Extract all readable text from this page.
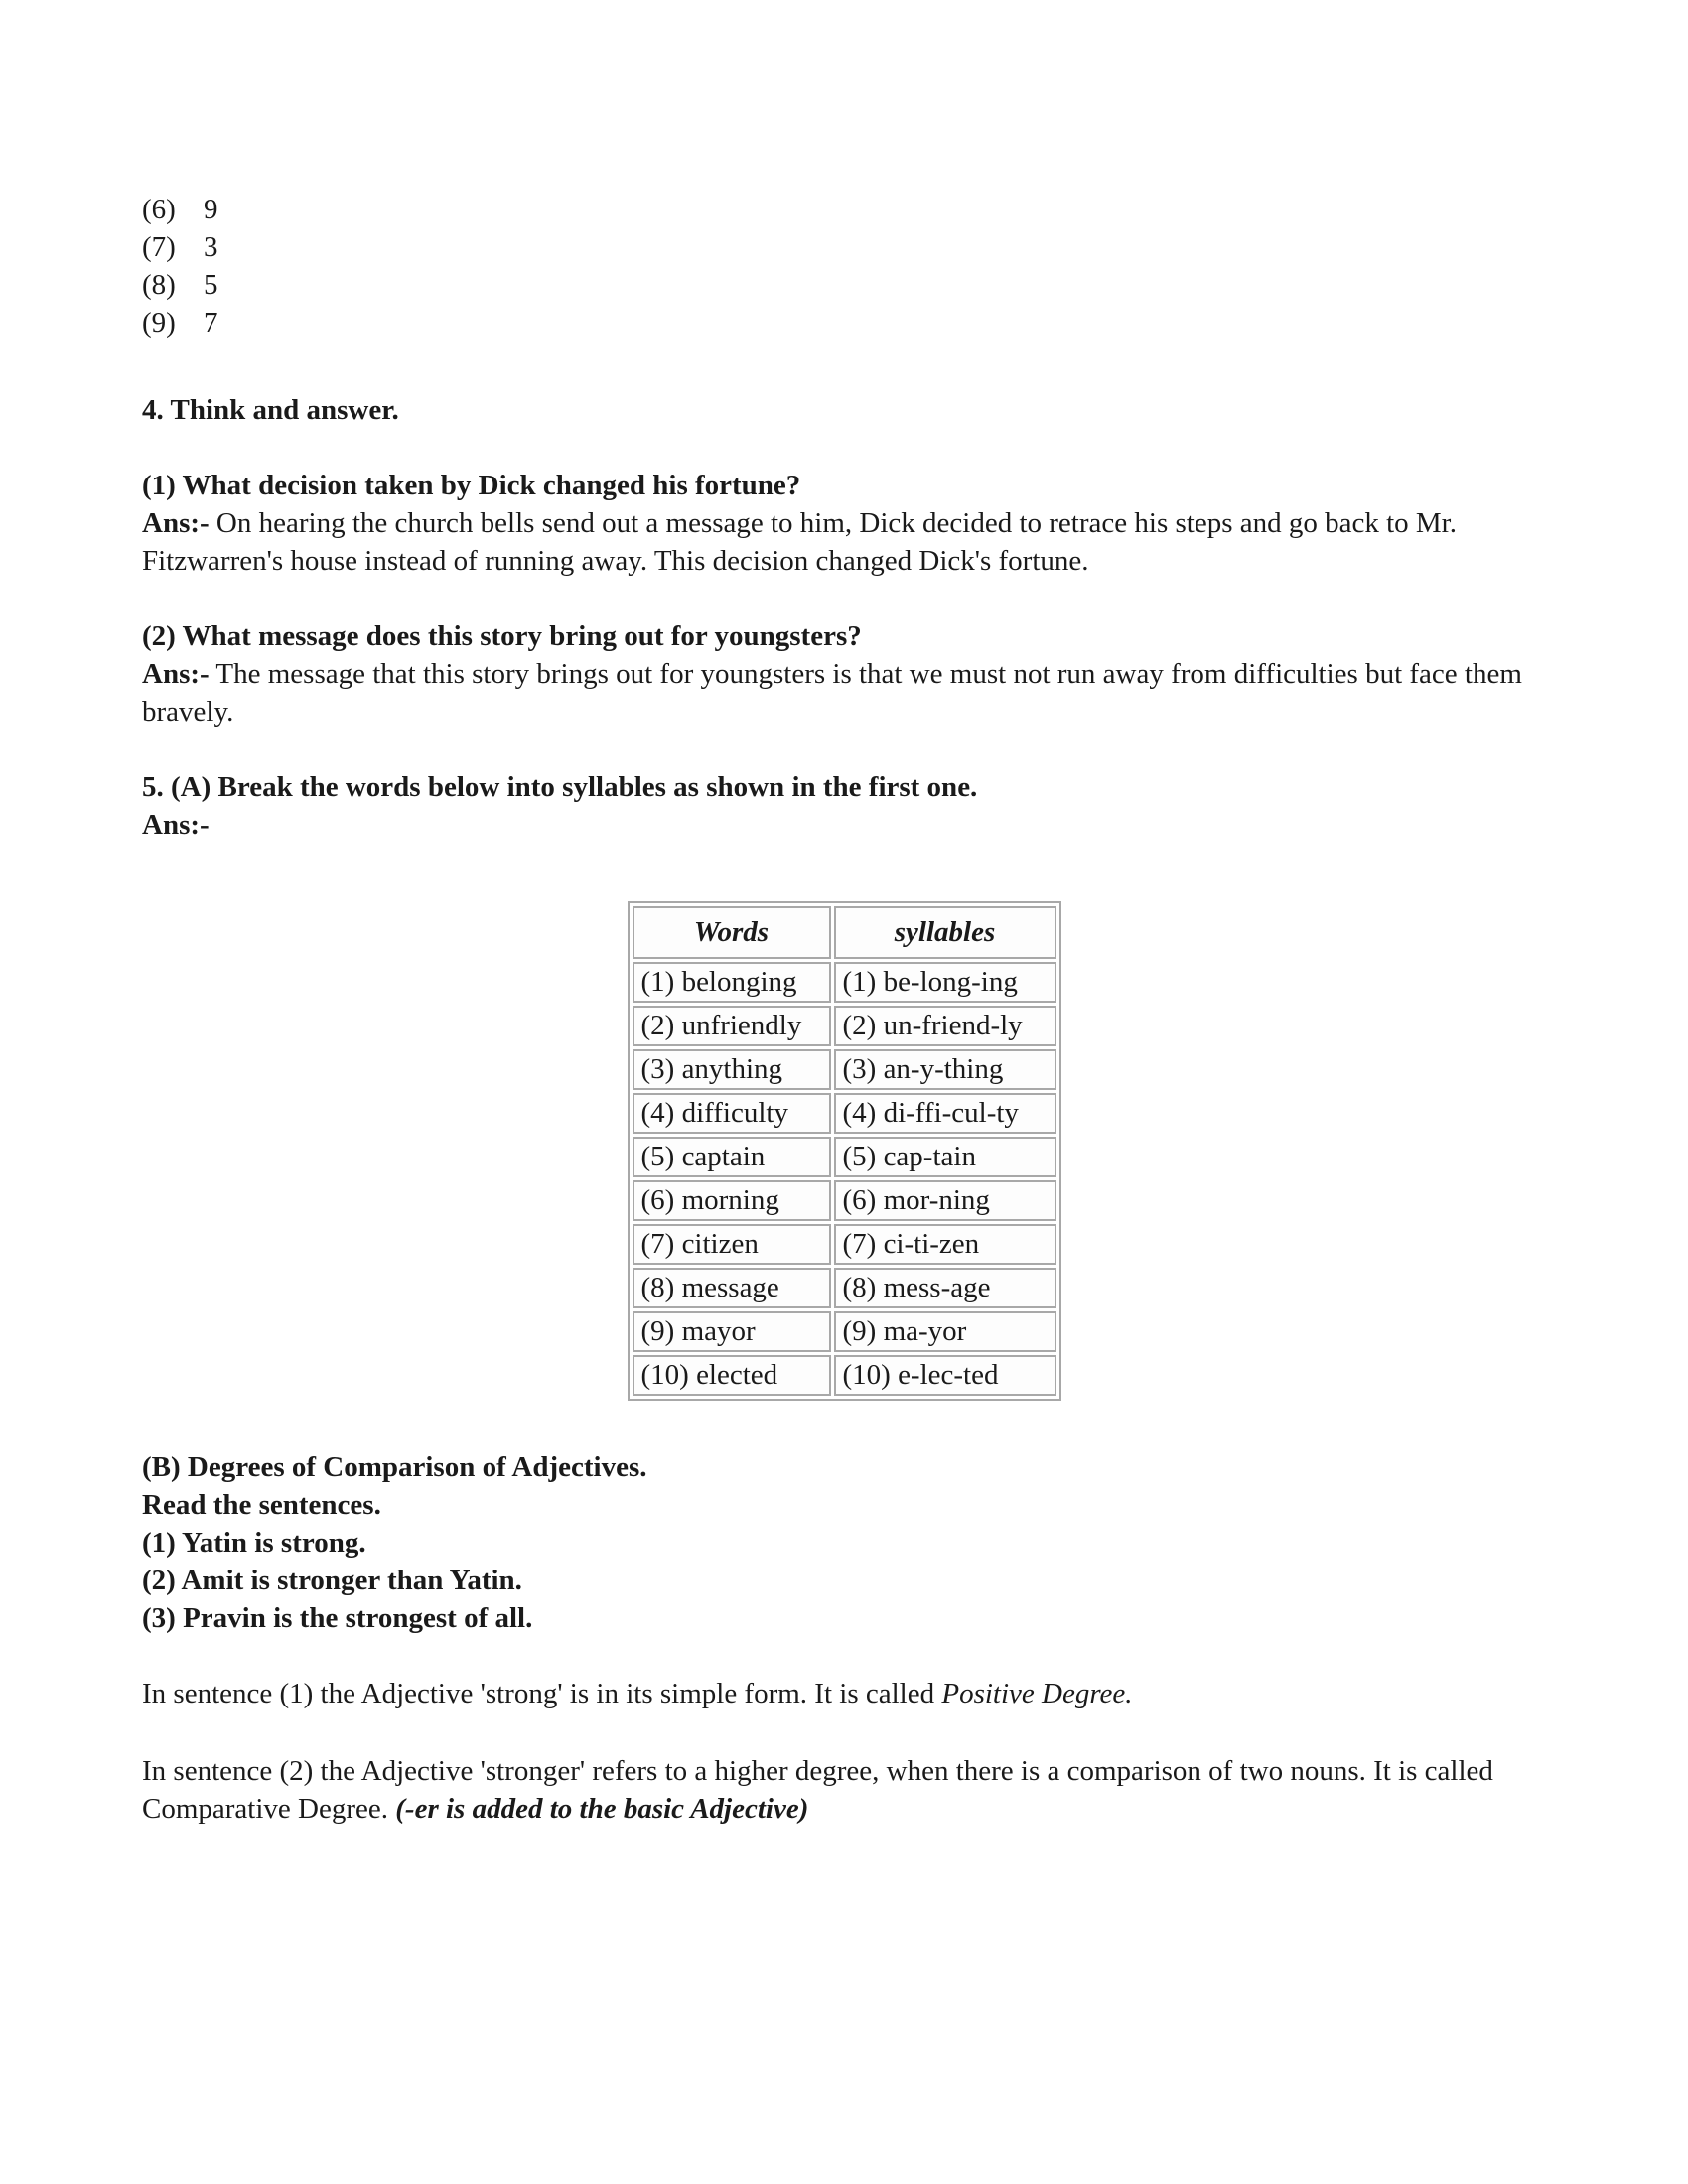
(6) 9
(7) 3
(8) 5
(9) 7
4. Think and answer.
(1) What decision taken by Dick changed his fortune?
Ans:- On hearing the church bells send out a message to him, Dick decided to retrace his steps and go back to Mr. Fitzwarren's house instead of running away. This decision changed Dick's fortune.
(2) What message does this story bring out for youngsters?
Ans:- The message that this story brings out for youngsters is that we must not run away from difficulties but face them bravely.
5. (A) Break the words below into syllables as shown in the first one.
Ans:-
Words	syllables
(1) belonging	(1) be-long-ing
(2) unfriendly	(2) un-friend-ly
(3) anything	(3) an-y-thing
(4) difficulty	(4) di-ffi-cul-ty
(5) captain	(5) cap-tain
(6) morning	(6) mor-ning
(7) citizen	(7) ci-ti-zen
(8) message	(8) mess-age
(9) mayor	(9) ma-yor
(10) elected	(10) e-lec-ted
(B) Degrees of Comparison of Adjectives.
Read the sentences.
(1) Yatin is strong.
(2) Amit is stronger than Yatin.
(3) Pravin is the strongest of all.
In sentence (1) the Adjective 'strong' is in its simple form. It is called Positive Degree.
In sentence (2) the Adjective 'stronger' refers to a higher degree, when there is a comparison of two nouns. It is called Comparative Degree. (-er is added to the basic Adjective)
